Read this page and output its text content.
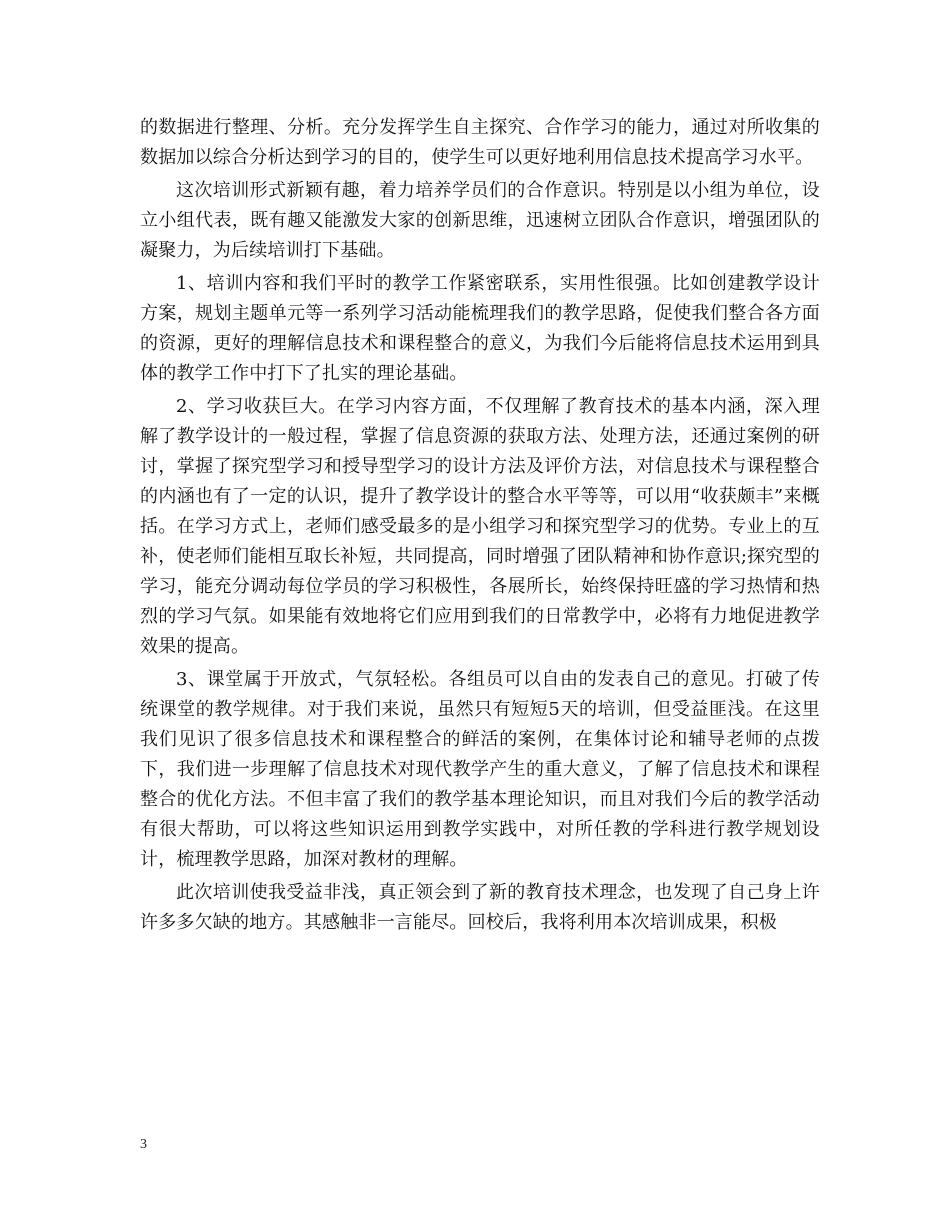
的数据进行整理、分析。充分发挥学生自主探究、合作学习的能力，通过对所收集的数据加以综合分析达到学习的目的，使学生可以更好地利用信息技术提高学习水平。

这次培训形式新颖有趣，着力培养学员们的合作意识。特别是以小组为单位，设立小组代表，既有趣又能激发大家的创新思维，迅速树立团队合作意识，增强团队的凝聚力，为后续培训打下基础。

1、培训内容和我们平时的教学工作紧密联系，实用性很强。比如创建教学设计方案，规划主题单元等一系列学习活动能梳理我们的教学思路，促使我们整合各方面的资源，更好的理解信息技术和课程整合的意义，为我们今后能将信息技术运用到具体的教学工作中打下了扎实的理论基础。

2、学习收获巨大。在学习内容方面，不仅理解了教育技术的基本内涵，深入理解了教学设计的一般过程，掌握了信息资源的获取方法、处理方法，还通过案例的研讨，掌握了探究型学习和授导型学习的设计方法及评价方法，对信息技术与课程整合的内涵也有了一定的认识，提升了教学设计的整合水平等等，可以用“收获颇丰”来概括。在学习方式上，老师们感受最多的是小组学习和探究型学习的优势。专业上的互补，使老师们能相互取长补短，共同提高，同时增强了团队精神和协作意识;探究型的学习，能充分调动每位学员的学习积极性，各展所长，始终保持旺盛的学习热情和热烈的学习气氛。如果能有效地将它们应用到我们的日常教学中，必将有力地促进教学效果的提高。

3、课堂属于开放式，气氛轻松。各组员可以自由的发表自己的意见。打破了传统课堂的教学规律。对于我们来说，虽然只有短短5天的培训，但受益匪浅。在这里我们见识了很多信息技术和课程整合的鲜活的案例，在集体讨论和辅导老师的点拨下，我们进一步理解了信息技术对现代教学产生的重大意义，了解了信息技术和课程整合的优化方法。不但丰富了我们的教学基本理论知识，而且对我们今后的教学活动有很大帮助，可以将这些知识运用到教学实践中，对所任教的学科进行教学规划设计，梳理教学思路，加深对教材的理解。

此次培训使我受益非浅，真正领会到了新的教育技术理念，也发现了自己身上许许多多欠缺的地方。其感触非一言能尽。回校后，我将利用本次培训成果，积极

3
